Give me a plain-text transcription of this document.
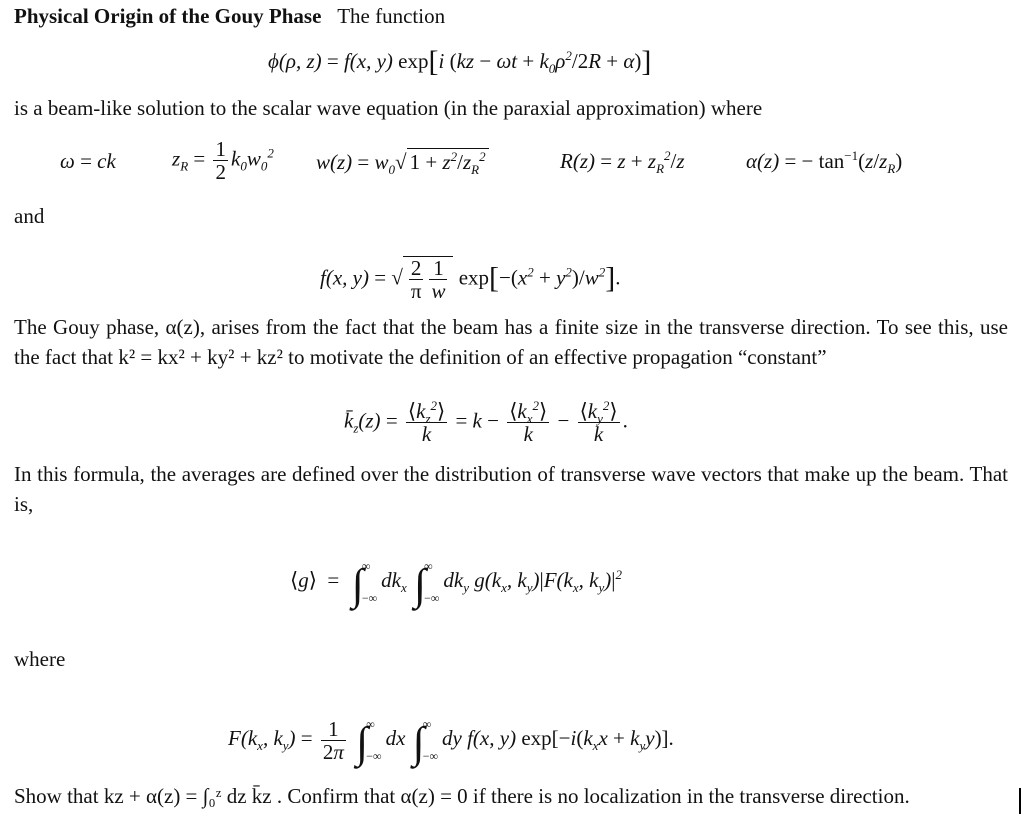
Physical Origin of the Gouy Phase The function
ϕ(ρ, z) = f(x, y) exp[i $(kz - \omega t + k_0\rho^2/2R + \alpha)$]
is a beam-like solution to the scalar wave equation (in the paraxial approximation) where
ω = ck	$z_R = \frac{1}{2} k_0w_0^2$ $w(z) = w_0√$ $1 + z^2/z_R^2$	$R(z) = z + z_R^2/z$	α(z) = − $\tan^{-1}(z/z_R)$
and
f(x, y) = √ $\frac{2}{\pi} \frac{1}{w} \exp[-(x^2 + y^2)/w^2]$.
The Gouy phase, α(z), arises from the fact that the beam has a finite size in the transverse direction. To see this, use the fact that k² = kx² + ky² + kz² to motivate the definition of an effective propagation “constant”
$k̄_z(z) = \frac{⟨k_z^2⟩}{k} = k - \frac{⟨k_x^2⟩}{k} - \frac{⟨k_y^2⟩}{k}$ .
In this formula, the averages are defined over the distribution of transverse wave vectors that make up the beam. That is,
⟨g⟩ = ∫
∞
−∞
$dk_x$ ∫
∞
−∞
$dk_y$ $g(k_x$, $k_y)|F(k_x$, $k_y)|^2$
where
$F(k_x$, $k_y) = \frac{1}{2\pi}$ ∫
∞
−∞
dx ∫
∞
−∞
dy f(x, y) $\exp[-i(k_xx + k_yy)]$.
Show that kz + α(z) = ∫₀ᶻ dz k̄z . Confirm that α(z) = 0 if there is no localization in the transverse direction.
